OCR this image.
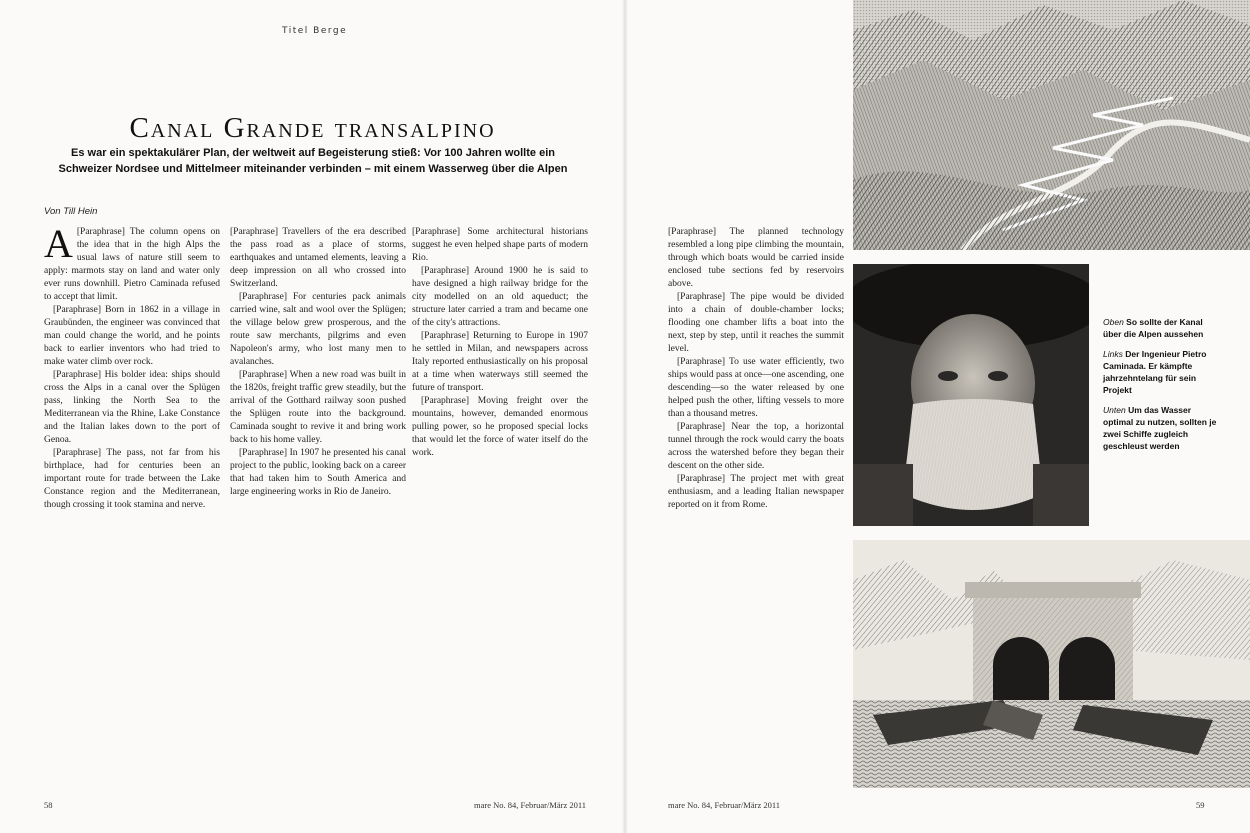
Titel Berge
Canal Grande transalpino
Es war ein spektakulärer Plan, der weltweit auf Begeisterung stieß: Vor 100 Jahren wollte ein Schweizer Nordsee und Mittelmeer miteinander verbinden – mit einem Wasserweg über die Alpen
Von Till Hein

A [Paraphrase] The column opens on the idea that in the high Alps the usual laws of nature still seem to apply: marmots stay on land and water only ever runs downhill. Pietro Caminada refused to accept that limit.

[Paraphrase] Born in 1862 in a village in Graubünden, the engineer was convinced that man could change the world, and he points back to earlier inventors who had tried to make water climb over rock.

[Paraphrase] His bolder idea: ships should cross the Alps in a canal over the Splügen pass, linking the North Sea to the Mediterranean via the Rhine, Lake Constance and the Italian lakes down to the port of Genoa.

[Paraphrase] The pass, not far from his birthplace, had for centuries been an important route for trade between the Lake Constance region and the Mediterranean, though crossing it took stamina and nerve.

[Paraphrase] Travellers of the era described the pass road as a place of storms, earthquakes and untamed elements, leaving a deep impression on all who crossed into Switzerland.

[Paraphrase] For centuries pack animals carried wine, salt and wool over the Splügen; the village below grew prosperous, and the route saw merchants, pilgrims and even Napoleon's army, who lost many men to avalanches.

[Paraphrase] When a new road was built in the 1820s, freight traffic grew steadily, but the arrival of the Gotthard railway soon pushed the Splügen route into the background. Caminada sought to revive it and bring work back to his home valley.

[Paraphrase] In 1907 he presented his canal project to the public, looking back on a career that had taken him to South America and large engineering works in Rio de Janeiro.

[Paraphrase] Some architectural historians suggest he even helped shape parts of modern Rio.

[Paraphrase] Around 1900 he is said to have designed a high railway bridge for the city modelled on an old aqueduct; the structure later carried a tram and became one of the city's attractions.

[Paraphrase] Returning to Europe in 1907 he settled in Milan, and newspapers across Italy reported enthusiastically on his proposal at a time when waterways still seemed the future of transport.

[Paraphrase] Moving freight over the mountains, however, demanded enormous pulling power, so he proposed special locks that would let the force of water itself do the work.

58	mare No. 84, Februar/März 2011

[Paraphrase] The planned technology resembled a long pipe climbing the mountain, through which boats would be carried inside enclosed tube sections fed by reservoirs above.

[Paraphrase] The pipe would be divided into a chain of double-chamber locks; flooding one chamber lifts a boat into the next, step by step, until it reaches the summit level.

[Paraphrase] To use water efficiently, two ships would pass at once—one ascending, one descending—so the water released by one helped push the other, lifting vessels to more than a thousand metres.

[Paraphrase] Near the top, a horizontal tunnel through the rock would carry the boats across the watershed before they began their descent on the other side.

[Paraphrase] The project met with great enthusiasm, and a leading Italian newspaper reported on it from Rome.

mare No. 84, Februar/März 2011	59

Oben So sollte der Kanal über die Alpen aussehen

Links Der Ingenieur Pietro Caminada. Er kämpfte jahrzehntelang für sein Projekt

Unten Um das Wasser optimal zu nutzen, sollten je zwei Schiffe zugleich geschleust werden
